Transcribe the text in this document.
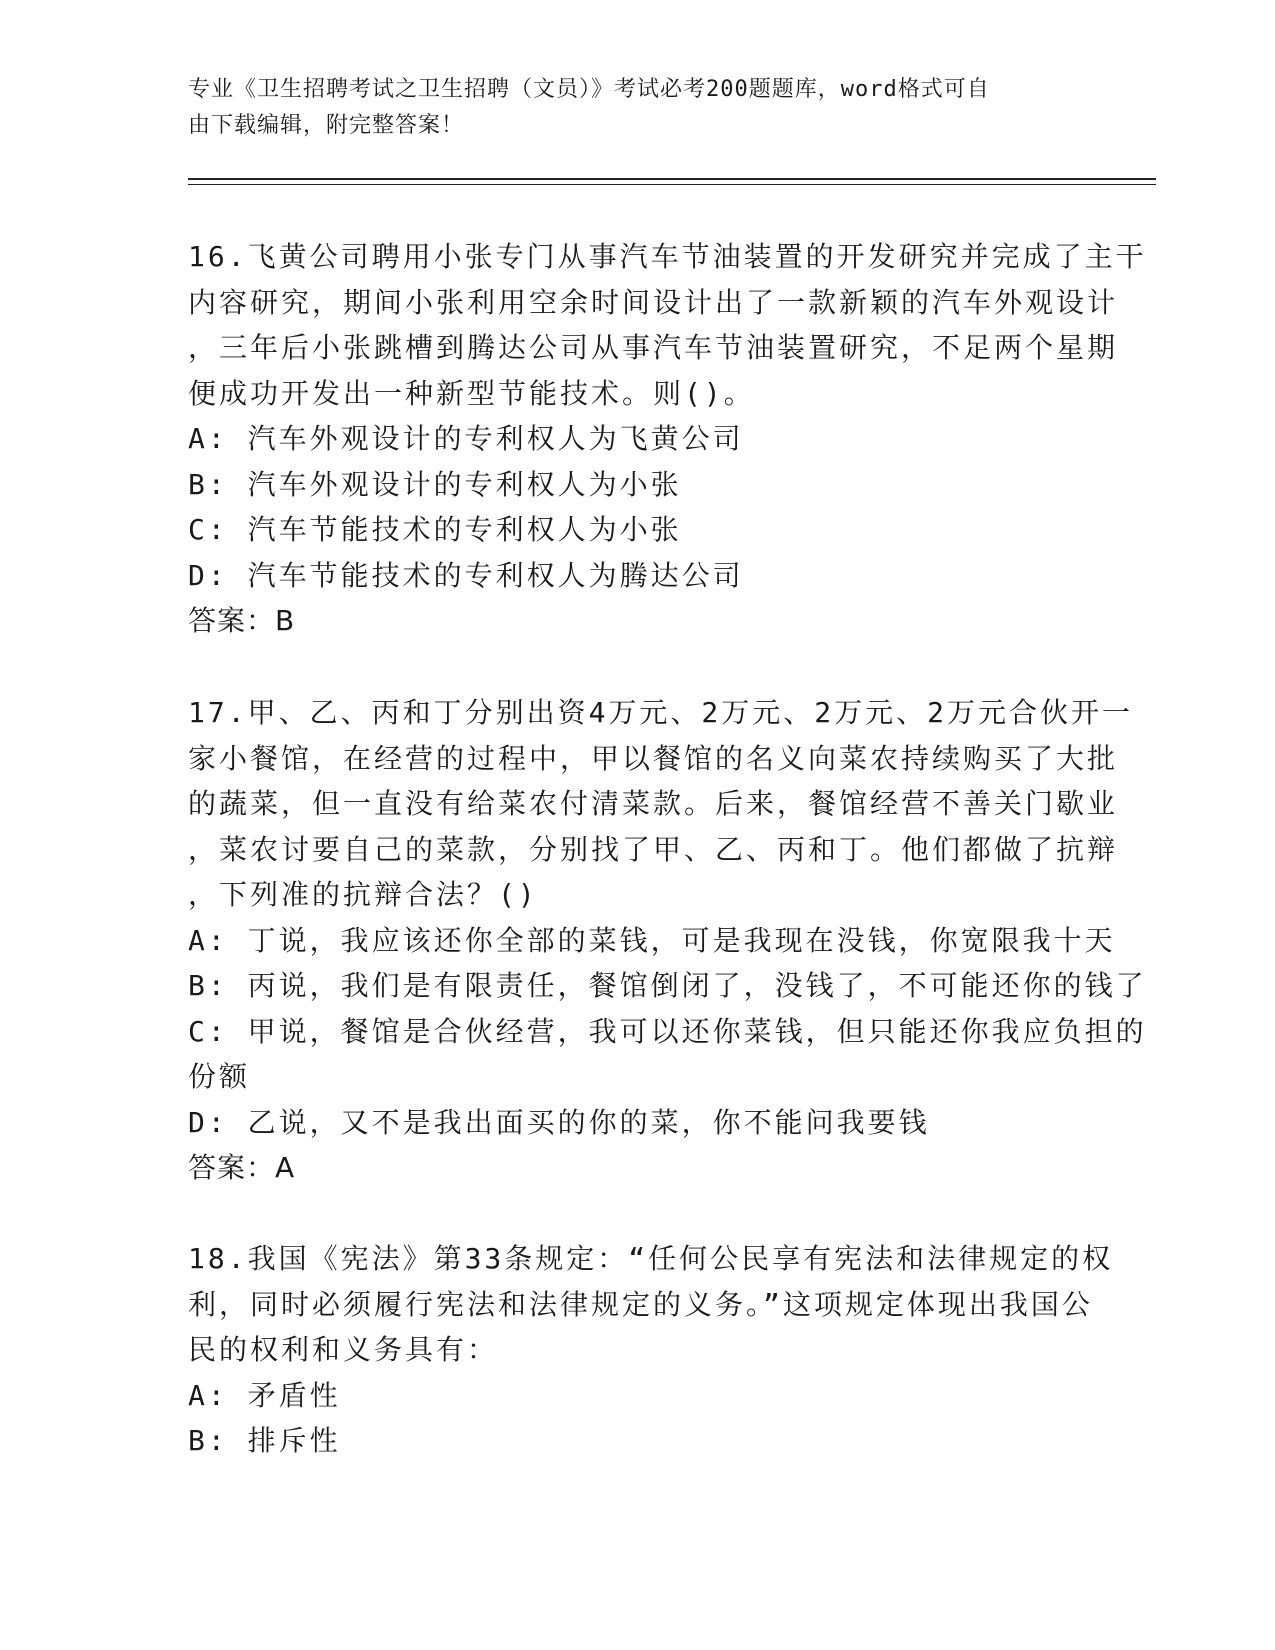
专业《卫生招聘考试之卫生招聘（文员）》考试必考200题题库，word格式可自
由下载编辑，附完整答案！
16.飞黄公司聘用小张专门从事汽车节油装置的开发研究并完成了主干
内容研究，期间小张利用空余时间设计出了一款新颖的汽车外观设计
，三年后小张跳槽到腾达公司从事汽车节油装置研究，不足两个星期
便成功开发出一种新型节能技术。则()。
A: 汽车外观设计的专利权人为飞黄公司
B: 汽车外观设计的专利权人为小张
C: 汽车节能技术的专利权人为小张
D: 汽车节能技术的专利权人为腾达公司
答案：B
17.甲、乙、丙和丁分别出资4万元、2万元、2万元、2万元合伙开一
家小餐馆，在经营的过程中，甲以餐馆的名义向菜农持续购买了大批
的蔬菜，但一直没有给菜农付清菜款。后来，餐馆经营不善关门歇业
，菜农讨要自己的菜款，分别找了甲、乙、丙和丁。他们都做了抗辩
，下列准的抗辩合法？()
A: 丁说，我应该还你全部的菜钱，可是我现在没钱，你宽限我十天
B: 丙说，我们是有限责任，餐馆倒闭了，没钱了，不可能还你的钱了
C: 甲说，餐馆是合伙经营，我可以还你菜钱，但只能还你我应负担的
份额
D: 乙说，又不是我出面买的你的菜，你不能问我要钱
答案：A
18.我国《宪法》第33条规定：“任何公民享有宪法和法律规定的权
利，同时必须履行宪法和法律规定的义务。”这项规定体现出我国公
民的权利和义务具有：
A: 矛盾性
B: 排斥性
